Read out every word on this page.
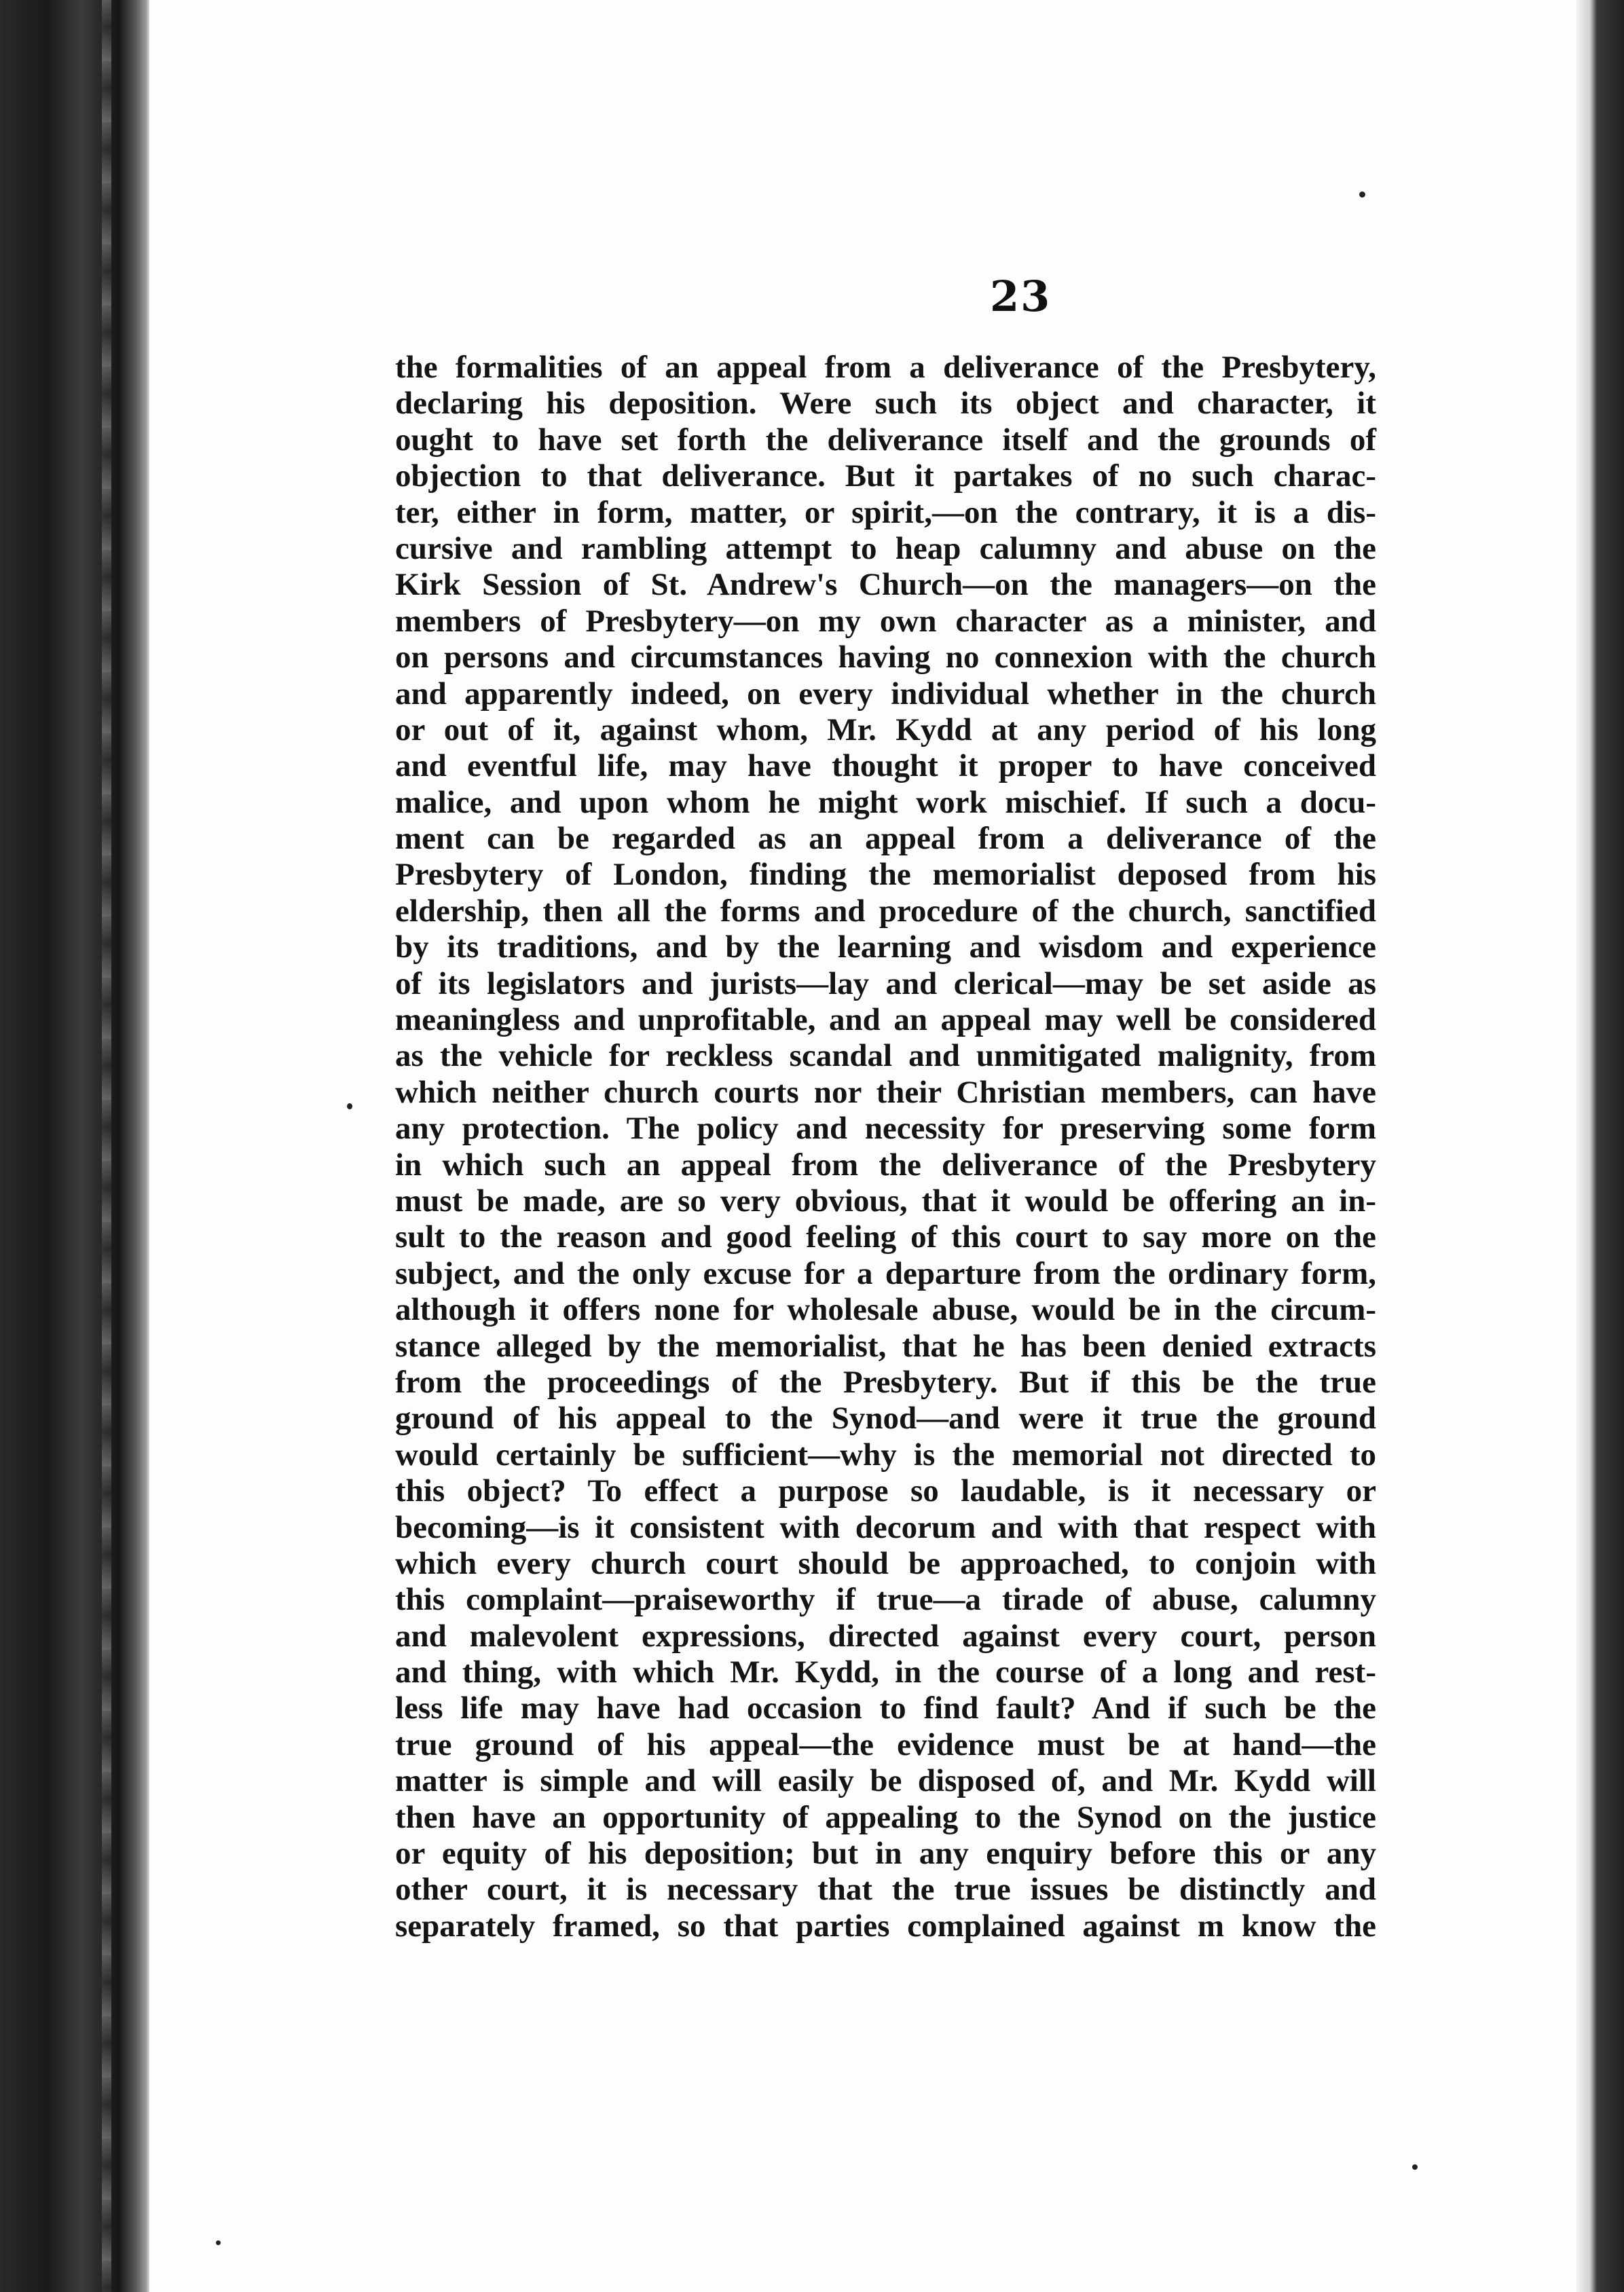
23
the formalities of an appeal from a deliverance of the Presbytery,
declaring his deposition. Were such its object and character, it
ought to have set forth the deliverance itself and the grounds of
objection to that deliverance. But it partakes of no such charac-
ter, either in form, matter, or spirit,—on the contrary, it is a dis-
cursive and rambling attempt to heap calumny and abuse on the
Kirk Session of St. Andrew's Church—on the managers—on the
members of Presbytery—on my own character as a minister, and
on persons and circumstances having no connexion with the church
and apparently indeed, on every individual whether in the church
or out of it, against whom, Mr. Kydd at any period of his long
and eventful life, may have thought it proper to have conceived
malice, and upon whom he might work mischief. If such a docu-
ment can be regarded as an appeal from a deliverance of the
Presbytery of London, finding the memorialist deposed from his
eldership, then all the forms and procedure of the church, sanctified
by its traditions, and by the learning and wisdom and experience
of its legislators and jurists—lay and clerical—may be set aside as
meaningless and unprofitable, and an appeal may well be considered
as the vehicle for reckless scandal and unmitigated malignity, from
which neither church courts nor their Christian members, can have
any protection. The policy and necessity for preserving some form
in which such an appeal from the deliverance of the Presbytery
must be made, are so very obvious, that it would be offering an in-
sult to the reason and good feeling of this court to say more on the
subject, and the only excuse for a departure from the ordinary form,
although it offers none for wholesale abuse, would be in the circum-
stance alleged by the memorialist, that he has been denied extracts
from the proceedings of the Presbytery. But if this be the true
ground of his appeal to the Synod—and were it true the ground
would certainly be sufficient—why is the memorial not directed to
this object? To effect a purpose so laudable, is it necessary or
becoming—is it consistent with decorum and with that respect with
which every church court should be approached, to conjoin with
this complaint—praiseworthy if true—a tirade of abuse, calumny
and malevolent expressions, directed against every court, person
and thing, with which Mr. Kydd, in the course of a long and rest-
less life may have had occasion to find fault? And if such be the
true ground of his appeal—the evidence must be at hand—the
matter is simple and will easily be disposed of, and Mr. Kydd will
then have an opportunity of appealing to the Synod on the justice
or equity of his deposition; but in any enquiry before this or any
other court, it is necessary that the true issues be distinctly and
separately framed, so that parties complained against m know the
